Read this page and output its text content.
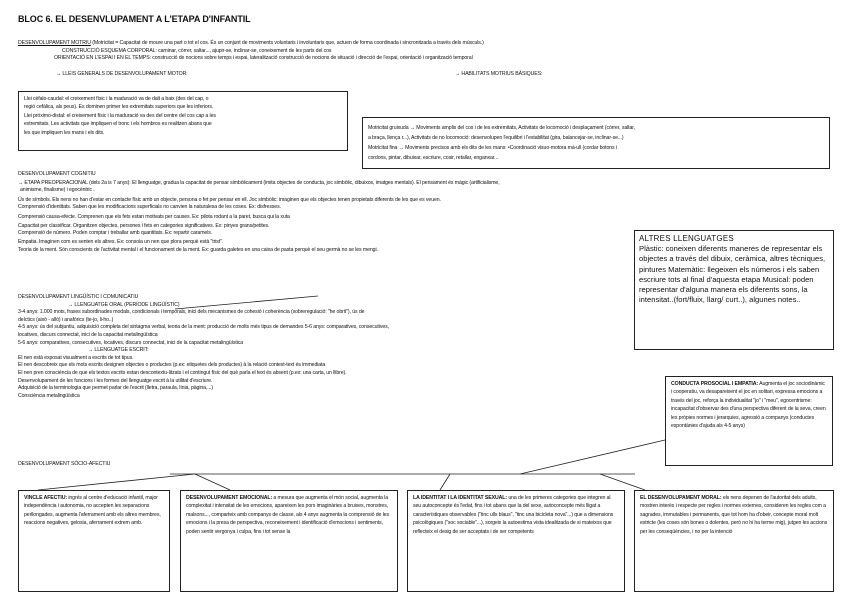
BLOC 6. EL DESENVLUPAMENT A L'ETAPA D'INFANTIL
DESENVOLUPAMENT MOTRIU (Motricitat = Capacitat de moure una part o tot el cos. És un conjunt de moviments voluntaris i involuntaris que, actuen de forma coordinada i sincronitzada a través dels músculs.)
CONSTRUCCIÓ ESQUEMA CORPORAL: caminar, córrer, saltar..., ajupir-se, inclinar-se, coneixement de les parts del cos
ORIENTACIÓ EN L'ESPAI I EN EL TEMPS: construcció de nocions sobre temps i espai, lateralització construcció de nocions de situació i direcció de l'espai, orientació i organització temporal
→ LLEIS GENERALS DE DESENVOLUPAMENT MOTOR:	→ HABILITATS MOTRIUS BÀSIQUES:
Llei cèfalo-caudal: el creixement físic i la maduració va de dalt a baix (des del cap, o
regió cefàlica, als peus). Es dominen primer les extremitats superiors que les inferiors.
Llei próximo-distal: el creixement físic i la maduració va des del centre del cos cap a les
extremitats. Les activitats que impliquen el tronc i els hombros es realitzen abans que
les que impliquen les mans i els dits.
Motricitat gruixuda → Moviments amplis del cos i de les extremitats, Activitats de locomoció i desplaçament (córrer, saltar,
a braça, llença r...), Activitats de no locomoció: desenvolupen l'equilibri i l'estabilitat (gira, balancejar-se, inclinar-se...)
Motricitat fina → Moviments precisos amb els dits de les mans: •Coordinació visuo-motora mà-ull (cordar botons i
cordons, pintar, dibuixar, escriure, cosir, retallar, enganxar...
DESENVOLUPAMENT COGNITIU
→ ETAPA PREOPERACIONAL (dels 2a is 7 anys): El llenguatge, gradua la capacitat de pensar simbòlicament (imita objectes de conducta, joc simbòlic, dibuixos, imatges mentals). El pensament és màgic (artificialisme,
animisme, finalisme) i egocèntric .
Ús de símbols. Els nens no han d'estar en contacte físic amb un objecte, persona o fet per pensar en ell. Joc simbòlic: imaginen que els objectes tenen propietats diferents de les que es veuen.
Comprensió d'identitats. Saben que les modificacions superficials no canvien la naturalesa de les coses. Ex: disfresses.
Comprensió causa-efecte. Comprenen que els fets estan motivats per causes. Ex: pilota rodant a la paret, busca qui la xuta
Capacitat per classificar. Organitzen objectes, persones i fets en categories significatives. Ex: pinyes grans/petites.
Comprensió de número. Poden comptar i treballar amb quantitats. Ex: repartir caramels.
Empatia. Imaginen com es senten els altres. Ex: consola un nen que plora perquè està "trist".
Teoria de la ment. Són conscients de l'activitat mental i el funcionament de la ment. Ex: guarda galetes en una caixa de pasta perquè el seu germà no se les mengi.
ALTRES LLENGUATGES
Plàstic: coneixen diferents maneres de representar els objectes a través del dibuix, ceràmica, altres tècniques, pintures Matemàtic: llegeixen els números i els saben escriure tots al final d'aquesta etapa Musical: poden representar d'alguna manera els diferents sons, la intensitat..(fort/fluix, llarg/ curt..), algunes notes..
DESENVOLUPAMENT LINGÜÍSTIC I COMUNICATIU
→ LLENGUATGE ORAL (PERÍODE LINGÜÍSTIC)
3-4 anys: 1.000 mots, frases subordinades modals, condicionals i temporals, inici dels mecanismes de cohesió i coherència (sobreregulació: "he obrit"), ús de
deíctics (això - allò) i anafòrics (te-jo, li-ho..)
4-5 anys: ús del subjuntiu, adquisició completa del sintagma verbal, teoria de la ment: producció de molts més tipus de demandes 5-6 anys: comparatives, consecutives,
locatives, discurs connectat, inici de la capacitat metalingüística
5-6 anys: comparatives, consecutives, locatives, discurs connectat, inici de la capacitat metalingüística
→ LLENGUATGE ESCRIT:
El nen està exposat visualment a escrits de tot tipus.
El nen descobreix que els mots escrits designen objectes o productes (p.ex: etiquetes dels productes) à la relació context-text és immediata
El nen pren consciència de que els textos escrits estan descontextu-litzats i el contingut físic del què parla el text és absent (p.ex: una carta, un llibre).
Desenvolupament de les funcions i les formes del llenguatge escrit à la utilitat d'escriure.
Adquisició de la terminologia que permet parlar de l'escrit (lletra, paraula, línia, pàgina,...)
Consciència metalingüística
CONDUCTA PROSOCIAL I EMPATIA: Augmenta el joc sociodinàmic i cooperatiu, va desapareixent el joc en solitari, expressa emocions a través del joc, reforça la individualitat "jo" i "meu", egocentrisme: incapacitat d'observar des d'una perspectiva diferent de la seva, creen les pròpies normes i jerarquies, agressió a companys (conductes espontànies d'ajuda als 4-5 anys)
DESENVOLUPAMENT SÒCIO-AFECTIU
VINCLE AFECTIU: ingrés al centre d'educació infantil, major independència i autonomia, no accepten les separacions perllongades, augmenta l'aferrament amb els altres membres, reaccions negatives, gelosia, aferrament extrem amb.
DESENVOLUPAMENT EMOCIONAL: a mesura que augmenta el món social, augmenta la complexitat i intensitat de les emocions, apareixen les pors imaginàries a bruixes, monstres, malsons..., comparteix amb companys de classe, als 4 anys augmenta la comprensió de les emocions i la presa de perspectiva, reconeixement i identificació d'emocions i sentiments, poden sentir vergonya i culpa, fins i tot sense la
LA IDENTITAT I LA IDENTITAT SEXUAL: una de les primeres categories que integren al seu autoconcepte és l'edat, fins i tot abans que la del sexe, autoconcepte més lligat a característiques observables ("tinc ulls blaus", "tinc una bicicleta nova"...) que a dimensions psicològiques ("soc sociable"...), sorgeix la autoestima vista idealitzada de si mateixos que reflecteix el desig de ser acceptats i de ser competents
EL DESENVOLUPAMENT MORAL: els nens depenen de l'autoritat dels adults, mostren interès i respecte per regles i normes externes, consideren les regles com a sagrades, immutables i permanents, que tot hom ha d'obeir, concepte moral molt estricte (les coses són bones o dolentes, però no hi ha terme mig), jutgen les accions per les conseqüències, i no per la intenció
